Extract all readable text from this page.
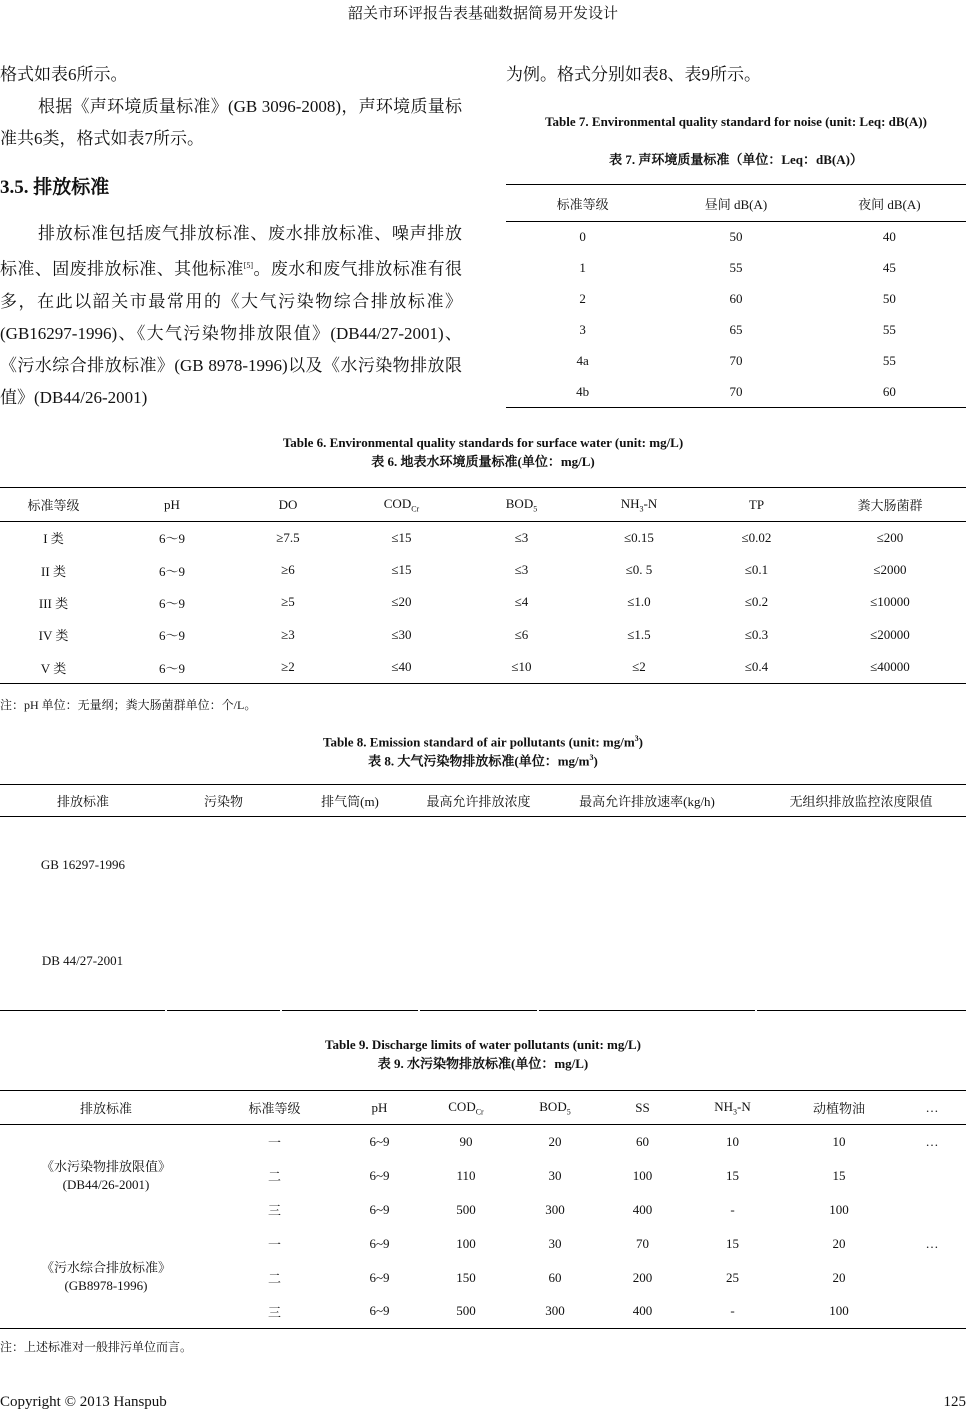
韶关市环评报告表基础数据简易开发设计
格式如表6所示。
根据《声环境质量标准》(GB 3096-2008)，声环境质量标准共6类，格式如表7所示。
3.5. 排放标准
排放标准包括废气排放标准、废水排放标准、噪声排放标准、固废排放标准、其他标准[5]。废水和废气排放标准有很多，在此以韶关市最常用的《大气污染物综合排放标准》(GB16297-1996)、《大气污染物排放限值》(DB44/27-2001)、《污水综合排放标准》(GB 8978-1996)以及《水污染物排放限值》(DB44/26-2001)
为例。格式分别如表8、表9所示。
Table 7. Environmental quality standard for noise (unit: Leq: dB(A))
表 7. 声环境质量标准（单位：Leq：dB(A)）
标准等级	昼间 dB(A)	夜间 dB(A)
0	50	40
1	55	45
2	60	50
3	65	55
4a	70	55
4b	70	60
Table 6. Environmental quality standards for surface water (unit: mg/L)
表 6. 地表水环境质量标准(单位：mg/L)
标准等级	pH	DO	$COD_{Cr}$	$BOD_5$	$NH_3-N$	TP	粪大肠菌群
I 类	6～9	≥7.5	≤15	≤3	≤0.15	≤0.02	≤200
II 类	6～9	≥6	≤15	≤3	≤0. 5	≤0.1	≤2000
III 类	6～9	≥5	≤20	≤4	≤1.0	≤0.2	≤10000
IV 类	6～9	≥3	≤30	≤6	≤1.5	≤0.3	≤20000
V 类	6～9	≥2	≤40	≤10	≤2	≤0.4	≤40000
注：pH 单位：无量纲；粪大肠菌群单位：个/L。
Table 8. Emission standard of air pollutants (unit: $mg/m^3$)
表 8. 大气污染物排放标准(单位：$mg/m^3$)
排放标准	污染物	排气筒(m)	最高允许排放浓度	最高允许排放速率(kg/h)	无组织排放监控浓度限值
GB 16297-1996					
DB 44/27-2001					
Table 9. Discharge limits of water pollutants (unit: mg/L)
表 9. 水污染物排放标准(单位：mg/L)
排放标准	标准等级	pH	$COD_{Cr}$	$BOD_5$	SS	$NH_3-N$	动植物油	…

《水污染物排放限值》
(DB44/26-2001)	一	6~9	90	20	60	10	10	…
	二	6~9	110	30	100	15	15	
	三	6~9	500	300	400	-	100	

《污水综合排放标准》
(GB8978-1996)	一	6~9	100	30	70	15	20	…
	二	6~9	150	60	200	25	20	
	三	6~9	500	300	400	-	100	
注：上述标准对一般排污单位而言。
Copyright © 2013 Hanspub	125
